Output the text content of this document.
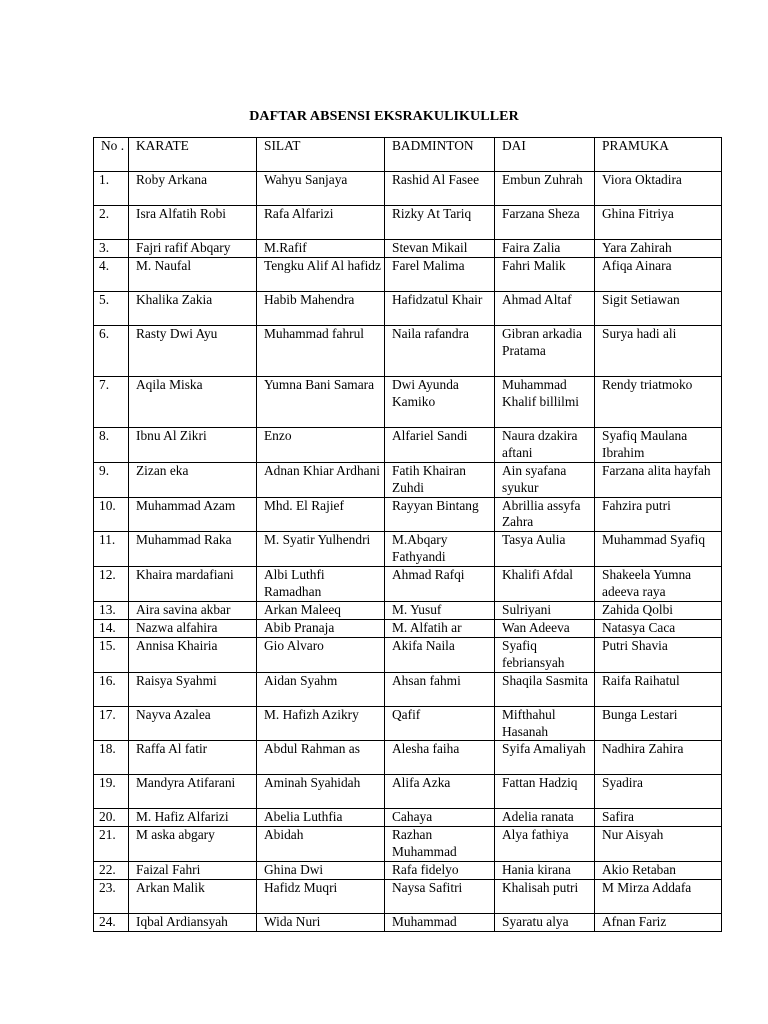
DAFTAR ABSENSI EKSRAKULIKULLER
No .	KARATE	SILAT	BADMINTON	DAI	PRAMUKA
1.	Roby Arkana	Wahyu Sanjaya	Rashid Al Fasee	Embun Zuhrah	Viora Oktadira
2.	Isra Alfatih Robi	Rafa Alfarizi	Rizky At Tariq	Farzana Sheza	Ghina Fitriya
3.	Fajri rafif Abqary	M.Rafif	Stevan Mikail	Faira Zalia	Yara Zahirah
4.	M. Naufal	Tengku Alif Al hafidz	Farel Malima	Fahri Malik	Afiqa Ainara
5.	Khalika Zakia	Habib Mahendra	Hafidzatul Khair	Ahmad Altaf	Sigit Setiawan
6.	Rasty Dwi Ayu	Muhammad fahrul	Naila rafandra	Gibran arkadia Pratama	Surya hadi ali
7.	Aqila Miska	Yumna Bani Samara	Dwi Ayunda Kamiko	Muhammad Khalif billilmi	Rendy triatmoko
8.	Ibnu Al Zikri	Enzo	Alfariel Sandi	Naura dzakira aftani	Syafiq Maulana Ibrahim
9.	Zizan eka	Adnan Khiar Ardhani	Fatih Khairan Zuhdi	Ain syafana syukur	Farzana alita hayfah
10.	Muhammad Azam	Mhd. El Rajief	Rayyan Bintang	Abrillia assyfa Zahra	Fahzira putri
11.	Muhammad Raka	M. Syatir Yulhendri	M.Abqary Fathyandi	Tasya Aulia	Muhammad Syafiq
12.	Khaira mardafiani	Albi Luthfi Ramadhan	Ahmad Rafqi	Khalifi Afdal	Shakeela Yumna adeeva raya
13.	Aira savina akbar	Arkan Maleeq	M. Yusuf	Sulriyani	Zahida Qolbi
14.	Nazwa alfahira	Abib Pranaja	M. Alfatih ar	Wan Adeeva	Natasya Caca
15.	Annisa Khairia	Gio Alvaro	Akifa Naila	Syafiq febriansyah	Putri Shavia
16.	Raisya Syahmi	Aidan Syahm	Ahsan fahmi	Shaqila Sasmita	Raifa Raihatul
17.	Nayva Azalea	M. Hafizh Azikry	Qafif	Mifthahul Hasanah	Bunga Lestari
18.	Raffa Al fatir	Abdul Rahman as	Alesha faiha	Syifa Amaliyah	Nadhira Zahira
19.	Mandyra Atifarani	Aminah Syahidah	Alifa Azka	Fattan Hadziq	Syadira
20.	M. Hafiz Alfarizi	Abelia Luthfia	Cahaya	Adelia ranata	Safira
21.	M aska abgary	Abidah	Razhan Muhammad	Alya fathiya	Nur Aisyah
22.	Faizal Fahri	Ghina Dwi	Rafa fidelyo	Hania kirana	Akio Retaban
23.	Arkan Malik	Hafidz Muqri	Naysa Safitri	Khalisah putri	M Mirza Addafa
24.	Iqbal Ardiansyah	Wida Nuri	Muhammad	Syaratu alya	Afnan Fariz
